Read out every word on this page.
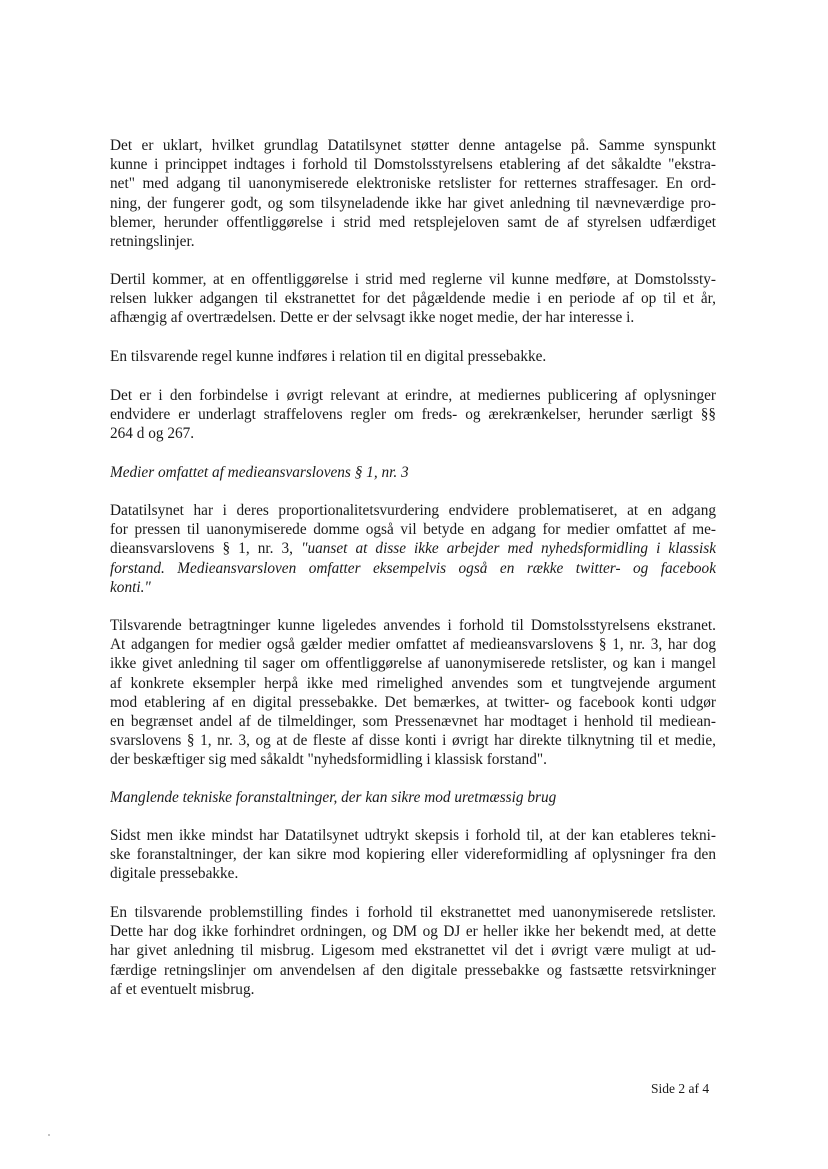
Det er uklart, hvilket grundlag Datatilsynet støtter denne antagelse på. Samme synspunkt
kunne i princippet indtages i forhold til Domstolsstyrelsens etablering af det såkaldte "ekstra-
net" med adgang til uanonymiserede elektroniske retslister for retternes straffesager. En ord-
ning, der fungerer godt, og som tilsyneladende ikke har givet anledning til nævneværdige pro-
blemer, herunder offentliggørelse i strid med retsplejeloven samt de af styrelsen udfærdiget
retningslinjer.
Dertil kommer, at en offentliggørelse i strid med reglerne vil kunne medføre, at Domstolssty-
relsen lukker adgangen til ekstranettet for det pågældende medie i en periode af op til et år,
afhængig af overtrædelsen. Dette er der selvsagt ikke noget medie, der har interesse i.
En tilsvarende regel kunne indføres i relation til en digital pressebakke.
Det er i den forbindelse i øvrigt relevant at erindre, at mediernes publicering af oplysninger
endvidere er underlagt straffelovens regler om freds- og ærekrænkelser, herunder særligt §§
264 d og 267.
Medier omfattet af medieansvarslovens § 1, nr. 3
Datatilsynet har i deres proportionalitetsvurdering endvidere problematiseret, at en adgang
for pressen til uanonymiserede domme også vil betyde en adgang for medier omfattet af me-
dieansvarslovens § 1, nr. 3, "uanset at disse ikke arbejder med nyhedsformidling i klassisk
forstand. Medieansvarsloven omfatter eksempelvis også en række twitter- og facebook
konti."
Tilsvarende betragtninger kunne ligeledes anvendes i forhold til Domstolsstyrelsens ekstranet.
At adgangen for medier også gælder medier omfattet af medieansvarslovens § 1, nr. 3, har dog
ikke givet anledning til sager om offentliggørelse af uanonymiserede retslister, og kan i mangel
af konkrete eksempler herpå ikke med rimelighed anvendes som et tungtvejende argument
mod etablering af en digital pressebakke. Det bemærkes, at twitter- og facebook konti udgør
en begrænset andel af de tilmeldinger, som Pressenævnet har modtaget i henhold til mediean-
svarslovens § 1, nr. 3, og at de fleste af disse konti i øvrigt har direkte tilknytning til et medie,
der beskæftiger sig med såkaldt "nyhedsformidling i klassisk forstand".
Manglende tekniske foranstaltninger, der kan sikre mod uretmæssig brug
Sidst men ikke mindst har Datatilsynet udtrykt skepsis i forhold til, at der kan etableres tekni-
ske foranstaltninger, der kan sikre mod kopiering eller videreformidling af oplysninger fra den
digitale pressebakke.
En tilsvarende problemstilling findes i forhold til ekstranettet med uanonymiserede retslister.
Dette har dog ikke forhindret ordningen, og DM og DJ er heller ikke her bekendt med, at dette
har givet anledning til misbrug. Ligesom med ekstranettet vil det i øvrigt være muligt at ud-
færdige retningslinjer om anvendelsen af den digitale pressebakke og fastsætte retsvirkninger
af et eventuelt misbrug.
Side 2 af 4
